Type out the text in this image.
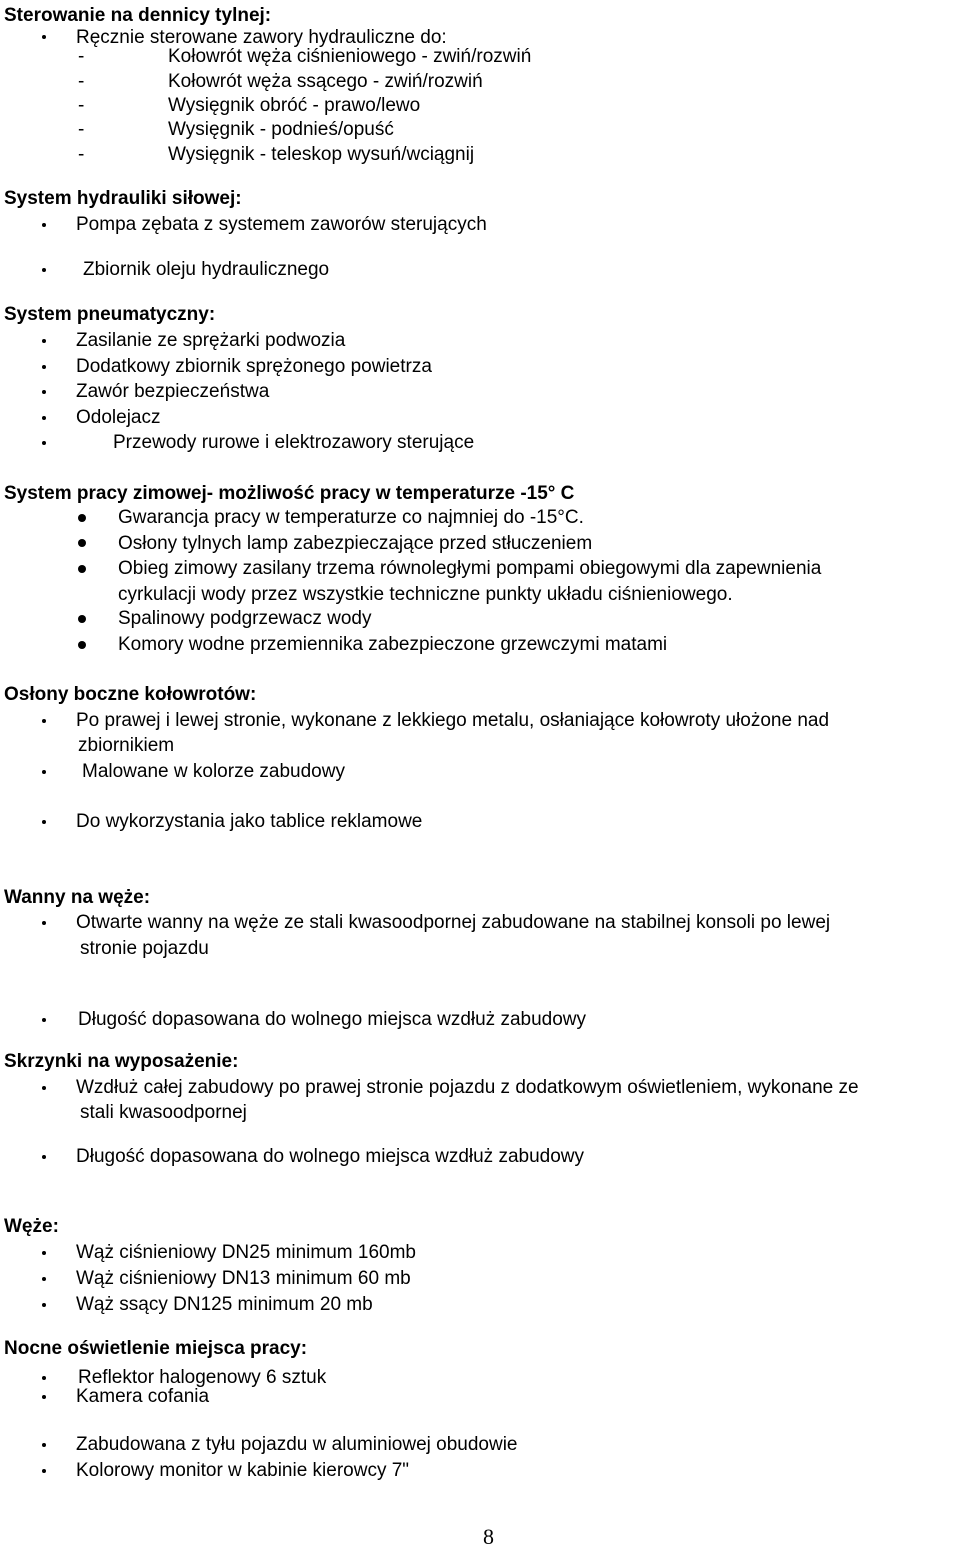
Sterowanie na dennicy tylnej:
Ręcznie sterowane zawory hydrauliczne do:
-	Kołowrót węża ciśnieniowego - zwiń/rozwiń
-	Kołowrót węża ssącego - zwiń/rozwiń
-	Wysięgnik obróć - prawo/lewo
-	Wysięgnik - podnieś/opuść
-	Wysięgnik - teleskop wysuń/wciągnij
System hydrauliki siłowej:
Pompa zębata z systemem zaworów sterujących
Zbiornik oleju hydraulicznego
System pneumatyczny:
Zasilanie ze sprężarki podwozia
Dodatkowy zbiornik sprężonego powietrza
Zawór bezpieczeństwa
Odolejacz
Przewody rurowe i elektrozawory sterujące
System pracy zimowej- możliwość pracy w temperaturze -15° C
Gwarancja pracy w temperaturze co najmniej do -15°C.
Osłony tylnych lamp zabezpieczające przed stłuczeniem
Obieg zimowy zasilany trzema równoległymi pompami obiegowymi dla zapewnienia
cyrkulacji wody przez wszystkie techniczne punkty układu ciśnieniowego.
Spalinowy podgrzewacz wody
Komory wodne przemiennika zabezpieczone grzewczymi matami
Osłony boczne kołowrotów:
Po prawej i lewej stronie, wykonane z lekkiego metalu, osłaniające kołowroty ułożone nad
zbiornikiem
Malowane w kolorze zabudowy
Do wykorzystania jako tablice reklamowe
Wanny na węże:
Otwarte wanny na węże ze stali kwasoodpornej zabudowane na stabilnej konsoli po lewej
stronie pojazdu
Długość dopasowana do wolnego miejsca wzdłuż zabudowy
Skrzynki na wyposażenie:
Wzdłuż całej zabudowy po prawej stronie pojazdu z dodatkowym oświetleniem, wykonane ze
stali kwasoodpornej
Długość dopasowana do wolnego miejsca wzdłuż zabudowy
Węże:
Wąż ciśnieniowy DN25 minimum 160mb
Wąż ciśnieniowy DN13 minimum 60 mb
Wąż ssący DN125 minimum 20 mb
Nocne oświetlenie miejsca pracy:
Reflektor halogenowy 6 sztuk
Kamera cofania
Zabudowana z tyłu pojazdu w aluminiowej obudowie
Kolorowy monitor w kabinie kierowcy 7"
8
